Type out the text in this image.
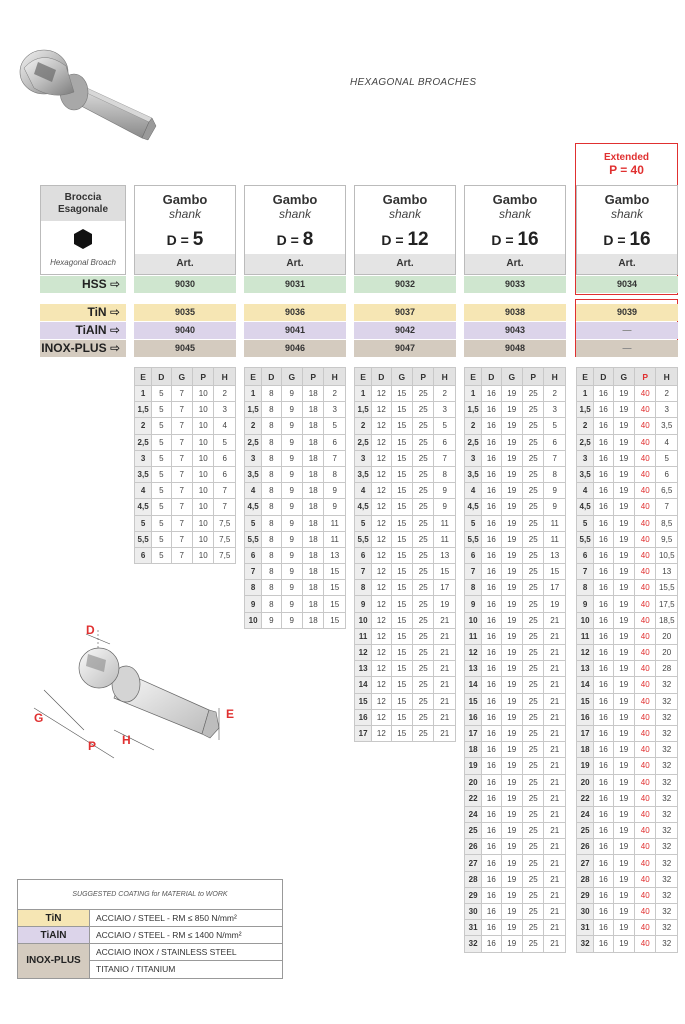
HEXAGONAL BROACHES
Broccia
Esagonale
Hexagonal Broach
Extended
P = 40
Gambo
shank
D = 5
Art.
Gambo
shank
D = 8
Art.
Gambo
shank
D = 12
Art.
Gambo
shank
D = 16
Art.
Gambo
shank
D = 16
Art.
HSS ⇨	9030	9031	9032	9033	9034
TiN ⇨	9035	9036	9037	9038	9039
TiAlN ⇨	9040	9041	9042	9043	—
INOX-PLUS ⇨	9045	9046	9047	9048	—
E	D	G	P	H
1	5	7	10	2
1,5	5	7	10	3
2	5	7	10	4
2,5	5	7	10	5
3	5	7	10	6
3,5	5	7	10	6
4	5	7	10	7
4,5	5	7	10	7
5	5	7	10	7,5
5,5	5	7	10	7,5
6	5	7	10	7,5
E	D	G	P	H
1	8	9	18	2
1,5	8	9	18	3
2	8	9	18	5
2,5	8	9	18	6
3	8	9	18	7
3,5	8	9	18	8
4	8	9	18	9
4,5	8	9	18	9
5	8	9	18	11
5,5	8	9	18	11
6	8	9	18	13
7	8	9	18	15
8	8	9	18	15
9	8	9	18	15
10	9	9	18	15
E	D	G	P	H
1	12	15	25	2
1,5	12	15	25	3
2	12	15	25	5
2,5	12	15	25	6
3	12	15	25	7
3,5	12	15	25	8
4	12	15	25	9
4,5	12	15	25	9
5	12	15	25	11
5,5	12	15	25	11
6	12	15	25	13
7	12	15	25	15
8	12	15	25	17
9	12	15	25	19
10	12	15	25	21
11	12	15	25	21
12	12	15	25	21
13	12	15	25	21
14	12	15	25	21
15	12	15	25	21
16	12	15	25	21
17	12	15	25	21
E	D	G	P	H
1	16	19	25	2
1,5	16	19	25	3
2	16	19	25	5
2,5	16	19	25	6
3	16	19	25	7
3,5	16	19	25	8
4	16	19	25	9
4,5	16	19	25	9
5	16	19	25	11
5,5	16	19	25	11
6	16	19	25	13
7	16	19	25	15
8	16	19	25	17
9	16	19	25	19
10	16	19	25	21
11	16	19	25	21
12	16	19	25	21
13	16	19	25	21
14	16	19	25	21
15	16	19	25	21
16	16	19	25	21
17	16	19	25	21
18	16	19	25	21
19	16	19	25	21
20	16	19	25	21
22	16	19	25	21
24	16	19	25	21
25	16	19	25	21
26	16	19	25	21
27	16	19	25	21
28	16	19	25	21
29	16	19	25	21
30	16	19	25	21
31	16	19	25	21
32	16	19	25	21
E	D	G	P	H
1	16	19	40	2
1,5	16	19	40	3
2	16	19	40	3,5
2,5	16	19	40	4
3	16	19	40	5
3,5	16	19	40	6
4	16	19	40	6,5
4,5	16	19	40	7
5	16	19	40	8,5
5,5	16	19	40	9,5
6	16	19	40	10,5
7	16	19	40	13
8	16	19	40	15,5
9	16	19	40	17,5
10	16	19	40	18,5
11	16	19	40	20
12	16	19	40	20
13	16	19	40	28
14	16	19	40	32
15	16	19	40	32
16	16	19	40	32
17	16	19	40	32
18	16	19	40	32
19	16	19	40	32
20	16	19	40	32
22	16	19	40	32
24	16	19	40	32
25	16	19	40	32
26	16	19	40	32
27	16	19	40	32
28	16	19	40	32
29	16	19	40	32
30	16	19	40	32
31	16	19	40	32
32	16	19	40	32
D
E
G
P H
SUGGESTED COATING for MATERIAL to WORK
TiN	ACCIAIO / STEEL - RM ≤ 850 N/mm²
TiAlN	ACCIAIO / STEEL - RM ≤ 1400 N/mm²
INOX-PLUS
ACCIAIO INOX / STAINLESS STEEL
TITANIO / TITANIUM
